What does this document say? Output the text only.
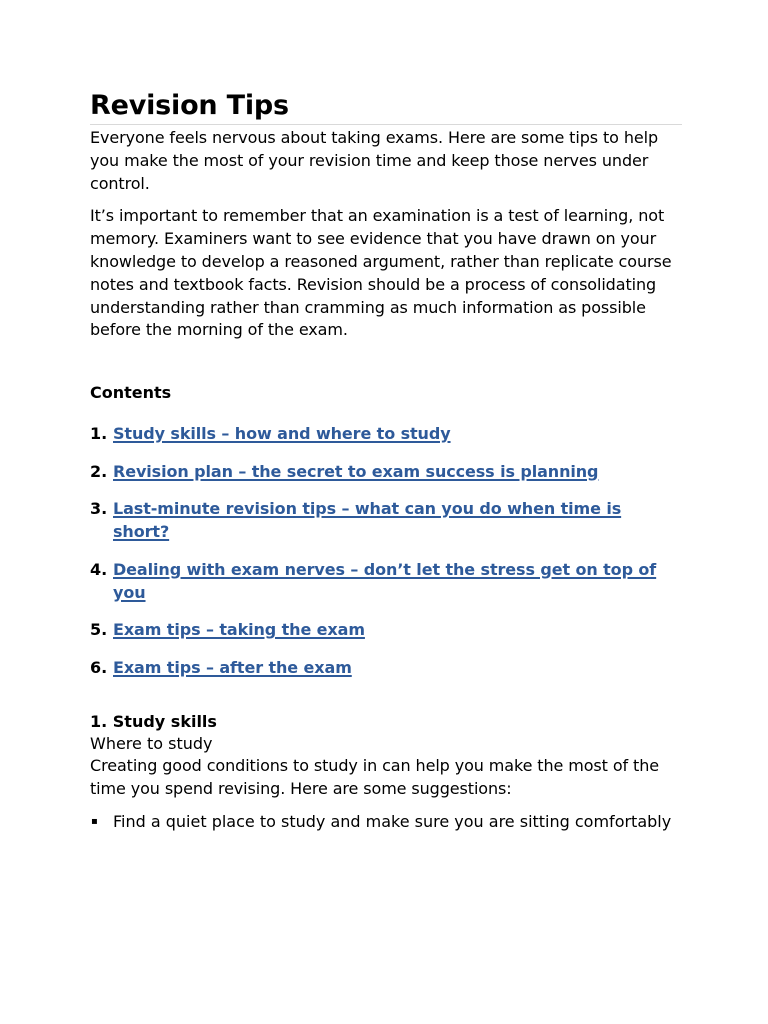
Revision Tips

Everyone feels nervous about taking exams. Here are some tips to help you make the most of your revision time and keep those nerves under control.

It’s important to remember that an examination is a test of learning, not memory. Examiners want to see evidence that you have drawn on your knowledge to develop a reasoned argument, rather than replicate course notes and textbook facts. Revision should be a process of consolidating understanding rather than cramming as much information as possible before the morning of the exam.

Contents
1. Study skills – how and where to study
2. Revision plan – the secret to exam success is planning
3. Last-minute revision tips – what can you do when time is short?
4. Dealing with exam nerves – don’t let the stress get on top of you
5. Exam tips – taking the exam
6. Exam tips – after the exam
1. Study skills
Where to study

Creating good conditions to study in can help you make the most of the time you spend revising. Here are some suggestions:

▪ Find a quiet place to study and make sure you are sitting comfortably
